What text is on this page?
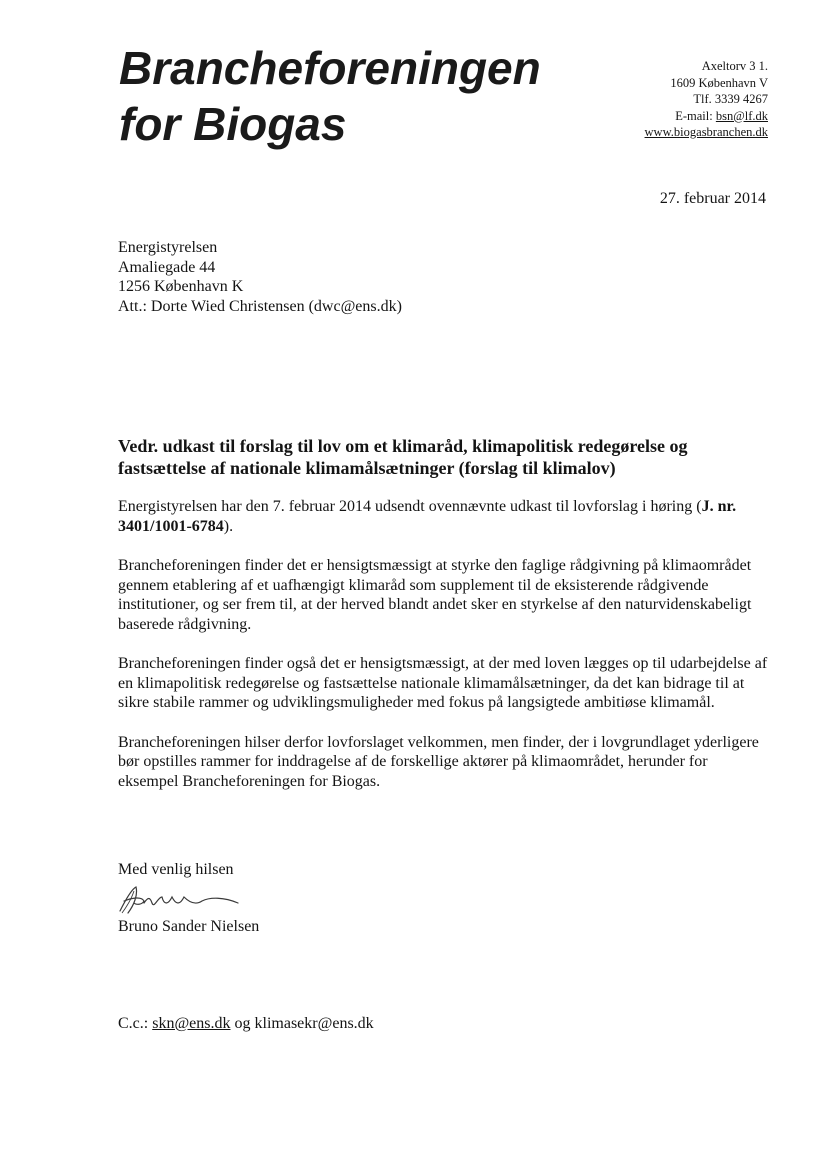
Brancheforeningen
for Biogas
Axeltorv 3 1.
1609 København V
Tlf. 3339 4267
E-mail: bsn@lf.dk
www.biogasbranchen.dk
27. februar 2014
Energistyrelsen
Amaliegade 44
1256 København K
Att.: Dorte Wied Christensen (dwc@ens.dk)
Vedr. udkast til forslag til lov om et klimaråd, klimapolitisk redegørelse og fastsættelse af nationale klimamålsætninger (forslag til klimalov)

Energistyrelsen har den 7. februar 2014 udsendt ovennævnte udkast til lovforslag i høring (J. nr. 3401/1001-6784).

Brancheforeningen finder det er hensigtsmæssigt at styrke den faglige rådgivning på klimaområdet gennem etablering af et uafhængigt klimaråd som supplement til de eksisterende rådgivende institutioner, og ser frem til, at der herved blandt andet sker en styrkelse af den naturvidenskabeligt baserede rådgivning.

Brancheforeningen finder også det er hensigtsmæssigt, at der med loven lægges op til udarbejdelse af en klimapolitisk redegørelse og fastsættelse nationale klimamålsætninger, da det kan bidrage til at sikre stabile rammer og udviklingsmuligheder med fokus på langsigtede ambitiøse klimamål.

Brancheforeningen hilser derfor lovforslaget velkommen, men finder, der i lovgrundlaget yderligere bør opstilles rammer for inddragelse af de forskellige aktører på klimaområdet, herunder for eksempel Brancheforeningen for Biogas.

Med venlig hilsen
Bruno Sander Nielsen
C.c.: skn@ens.dk og klimasekr@ens.dk
